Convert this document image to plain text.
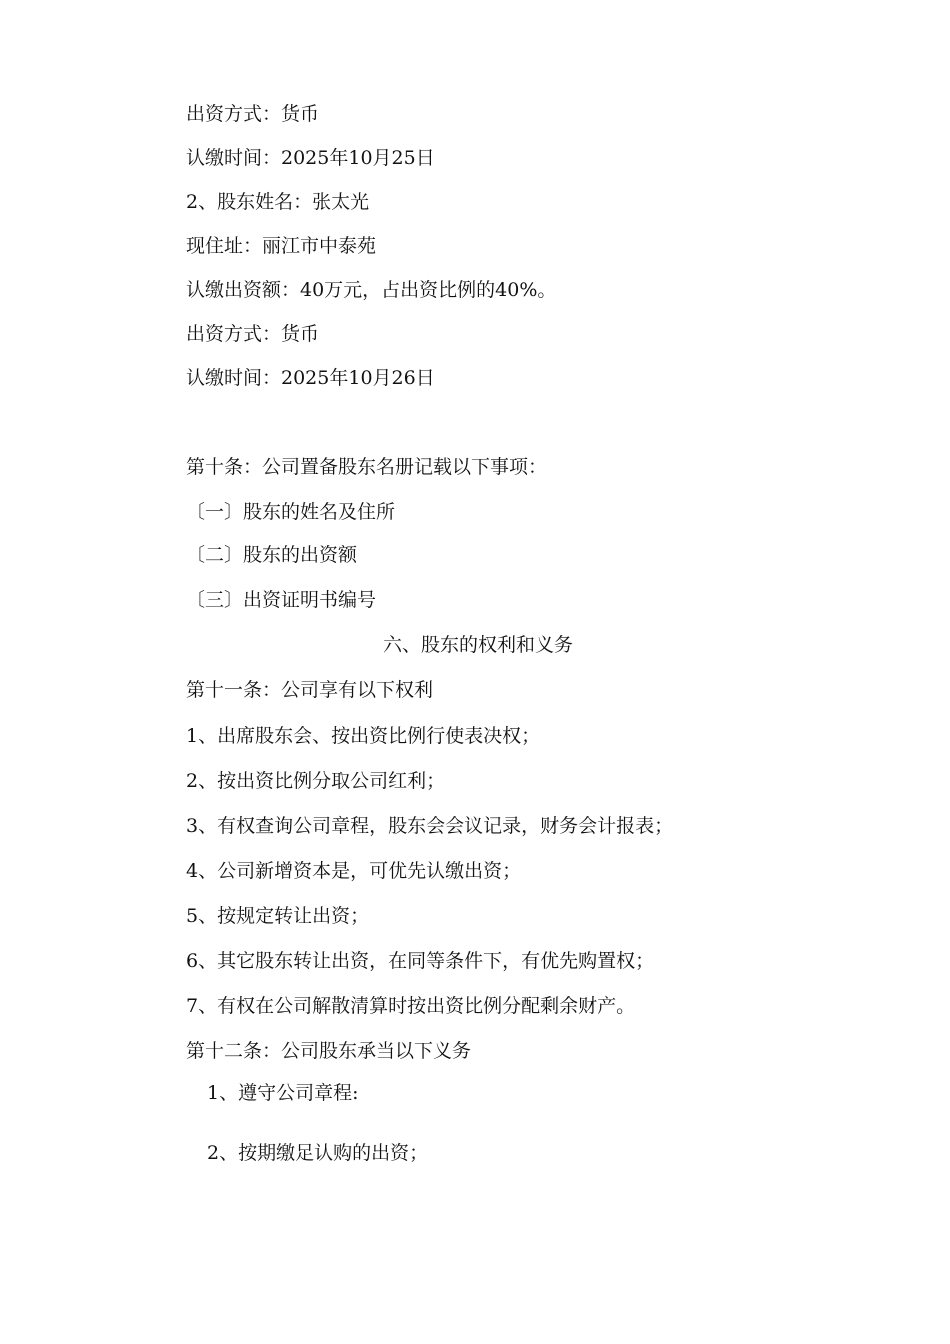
出资方式：货币
认缴时间：2025年10月25日
2、股东姓名：张太光
现住址：丽江市中泰苑
认缴出资额：40万元，占出资比例的40%。
出资方式：货币
认缴时间：2025年10月26日
第十条：公司置备股东名册记载以下事项：
〔一〕股东的姓名及住所
〔二〕股东的出资额
〔三〕出资证明书编号
六、股东的权利和义务
第十一条：公司享有以下权利
1、出席股东会、按出资比例行使表决权；
2、按出资比例分取公司红利；
3、有权查询公司章程，股东会会议记录，财务会计报表；
4、公司新增资本是，可优先认缴出资；
5、按规定转让出资；
6、其它股东转让出资，在同等条件下，有优先购置权；
7、有权在公司解散清算时按出资比例分配剩余财产。
第十二条：公司股东承当以下义务
1、遵守公司章程:
2、按期缴足认购的出资；
